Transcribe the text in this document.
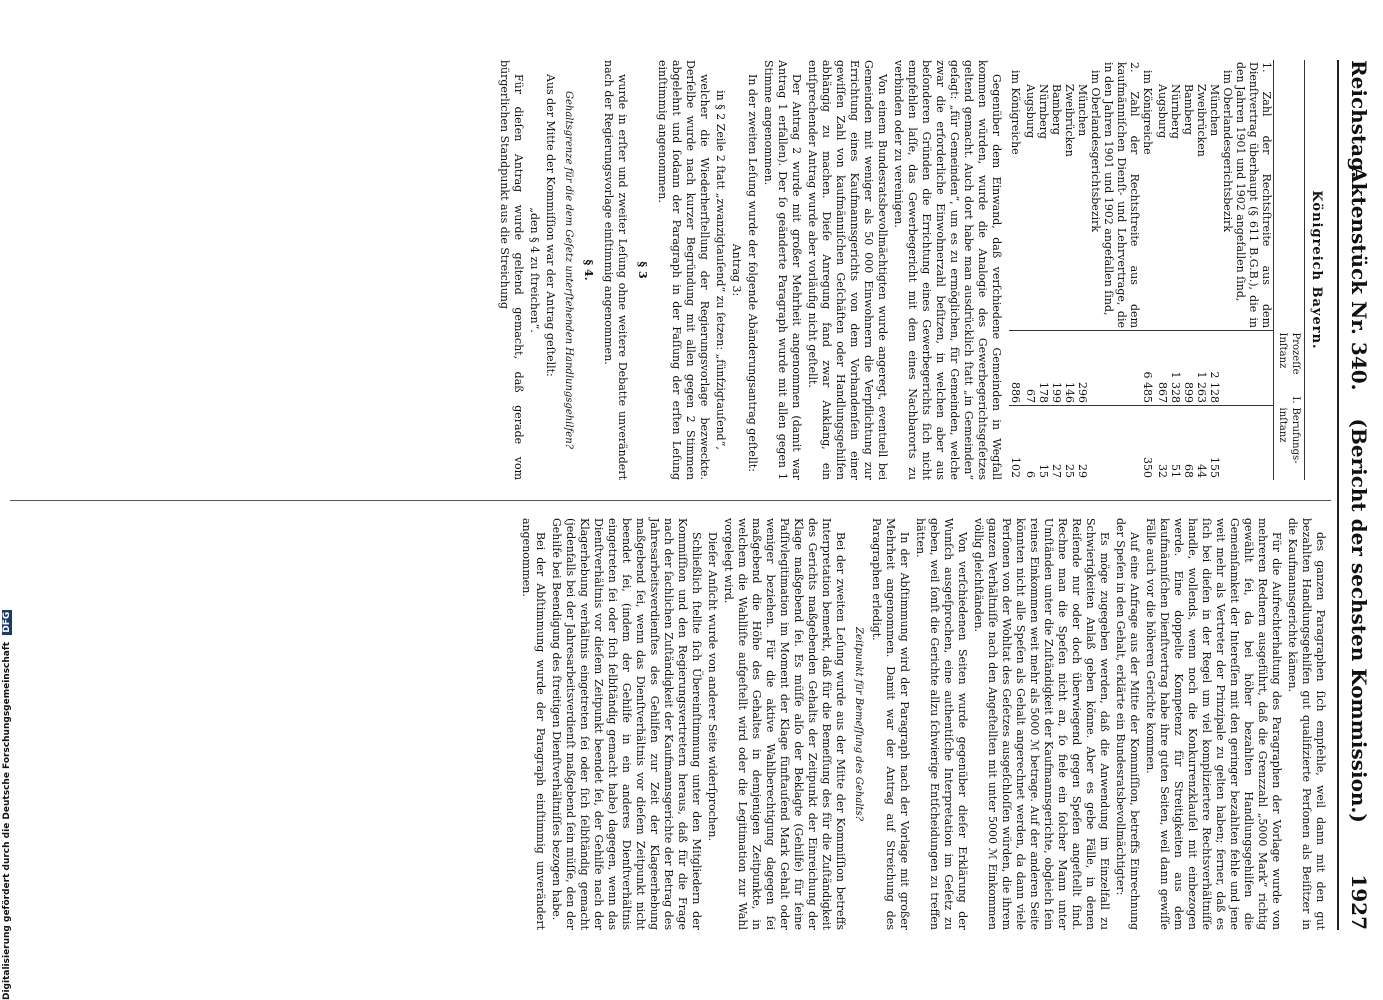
Reichstag.
Aktenstück Nr. 340.    (Bericht der sechsten Kommission.)
1927
Königreich Bayern.
	Prozeſſe I. Inſtanz	Berufungs-inſtanz
1. Zahl der Rechtsſtreite aus dem Dienſtvertrag überhaupt (§ 611 B.G.B.), die in den Jahren 1901 und 1902 angefallen ſind,		
im Oberlandesgerichtsbezirk		
München	2 128	155
Zweibrücken	1 263	44
Bamberg	899	68
Nürnberg	1 328	51
Augsburg	867	32
im Königreiche	6 485	350
2. Zahl der Rechtsſtreite aus dem kaufmänniſchen Dienſt- und Lehrvertrage, die in den Jahren 1901 und 1902 angefallen ſind,		
im Oberlandesgerichtsbezirk		
München	296	29
Zweibrücken	146	25
Bamberg	199	27
Nürnberg	178	15
Augsburg	67	6
im Königreiche	886	102

Gegenüber dem Einwand, daß verſchiedene Gemeinden in Wegfall kommen würden, wurde die Analogie des Gewerbegerichtsgeſetzes geltend gemacht. Auch dort habe man ausdrücklich ſtatt „in Gemeinden“ geſagt: „für Gemeinden“, um es zu ermöglichen, für Gemeinden, welche zwar die erforderliche Einwohnerzahl beſitzen, in welchen aber aus beſonderen Gründen die Errichtung eines Gewerbegerichts ſich nicht empfehlen laſſe, das Gewerbegericht mit dem eines Nachbarorts zu verbinden oder zu vereinigen.

Von einem Bundesratsbevollmächtigten wurde angeregt, eventuell bei Gemeinden mit weniger als 50 000 Einwohnern die Verpflichtung zur Errichtung eines Kaufmannsgerichts von dem Vorhandenſein einer gewiſſen Zahl von kaufmänniſchen Geſchäften oder Handlungsgehilfen abhängig zu machen. Dieſe Anregung fand zwar Anklang, ein entſprechender Antrag wurde aber vorläufig nicht geſtellt.

Der Antrag 2 wurde mit großer Mehrheit angenommen (damit war Antrag 1 erfallen). Der ſo geänderte Paragraph wurde mit allen gegen 1 Stimme angenommen.

In der zweiten Leſung wurde der folgende Abänderungsantrag geſtellt:

Antrag 3:
in § 2 Zeile 2 ſtatt „zwanzigtauſend“ zu ſetzen: „fünfzigtauſend“,

welcher die Wiederherſtellung der Regierungsvorlage bezweckte. Derſelbe wurde nach kurzer Begründung mit allen gegen 2 Stimmen abgelehnt und ſodann der Paragraph in der Faſſung der erſten Leſung einſtimmig angenommen.

§ 3

wurde in erſter und zweiter Leſung ohne weitere Debatte unverändert nach der Regierungsvorlage einſtimmig angenommen.

§ 4.
Gehaltsgrenze für die dem Geſetz unterſtehenden Handlungsgehilfen?

Aus der Mitte der Kommiſſion war der Antrag geſtellt:

„den § 4 zu ſtreichen“.

Für dieſen Antrag wurde geltend gemacht, daß gerade vom bürgerlichen Standpunkt aus die Streichung

des ganzen Paragraphen ſich empfehle, weil dann mit den gut bezahlten Handlungsgehilfen gut qualifizierte Perſonen als Beiſitzer in die Kaufmannsgerichte kämen.

Für die Aufrechterhaltung des Paragraphen der Vorlage wurde von mehreren Rednern ausgeführt, daß die Grenzzahl „5000 Mark“ richtig gewählt ſei, da bei höher bezahlten Handlungsgehilfen die Gemeinſamkeit der Intereſſen mit den geringer bezahlten fehle und jene weit mehr als Vertreter der Prinzipale zu gelten haben; ferner, daß es ſich bei dieſen in der Regel um viel kompliziertere Rechtsverhältniſſe handle, wollends, wenn noch die Konkurrenzklauſel mit einbezogen werde. Eine doppelte Kompetenz für Streitigkeiten aus dem kaufmänniſchen Dienſtvertrag habe ihre guten Seiten, weil dann gewiſſe Fälle auch vor die höheren Gerichte kommen.

Auf eine Anfrage aus der Mitte der Kommiſſion, betreffs Einrechnung der Speſen in den Gehalt, erklärte ein Bundesratsbevollmächtigter:

Es möge zugegeben werden, daß die Anwendung im Einzelfall zu Schwierigkeiten Anlaß geben könne. Aber es gebe Fälle, in denen Reiſende nur oder doch überwiegend gegen Speſen angeſtellt ſind. Rechne man die Speſen nicht an, ſo fiele ein ſolcher Mann unter Umſtänden unter die Zuſtändigkeit der Kaufmannsgerichte, obgleich ſein reines Einkommen weit mehr als 5000 ℳ betrage. Auf der anderen Seite könnten nicht alle Speſen als Gehalt angerechnet werden, da dann viele Perſonen von der Wohltat des Geſetzes ausgeſchloſſen würden, die ihrem ganzen Verhältniſſe nach den Angeſtellten mit unter 5000 ℳ Einkommen völlig gleichſtänden.

Von verſchiedenen Seiten wurde gegenüber dieſer Erklärung der Wunſch ausgeſprochen, eine authentiſche Interpretation im Geſetz zu geben, weil ſonſt die Gerichte allzu ſchwierige Entſcheidungen zu treffen hätten.

In der Abſtimmung wird der Paragraph nach der Vorlage mit großer Mehrheit angenommen. Damit war der Antrag auf Streichung des Paragraphen erledigt.

Zeitpunkt für Bemeſſung des Gehalts?

Bei der zweiten Leſung wurde aus der Mitte der Kommiſſion betreffs Interpretation bemerkt, daß für die Bemeſſung des für die Zuſtändigkeit des Gerichts maßgebenden Gehalts der Zeitpunkt der Einreichung der Klage maßgebend ſei. Es müſſe alſo der Beklagte (Gehilfe) für ſeine Paſſivlegitimation im Moment der Klage fünftauſend Mark Gehalt oder weniger beziehen. Für die aktive Wahlberechtigung dagegen ſei maßgebend die Höhe des Gehaltes in demjenigen Zeitpunkte, in welchem die Wahlliſte aufgeſtellt wird oder die Legitimation zur Wahl vorgelegt wird.

Dieſer Anſicht wurde von anderer Seite widerſprochen.

Schließlich ſtellte ſich Übereinſtimmung unter den Mitgliedern der Kommiſſion und den Regierungsvertretern heraus, daß für die Frage nach der ſachlichen Zuſtändigkeit der Kaufmannsgerichte der Betrag des Jahresarbeitsverdienſtes des Gehilfen zur Zeit der Klageerhebung maßgebend ſei, wenn das Dienſtverhältnis vor dieſem Zeitpunkt nicht beendet ſei, (indem der Gehilfe in ein anderes Dienſtverhältnis eingetreten ſei oder ſich ſelbſtändig gemacht habe) dagegen, wenn das Dienſtverhältnis vor dieſem Zeitpunkt beendet ſei, der Gehilfe nach der Klagerhebung verhältnis eingetreten ſei oder ſich ſelbſtändig gemacht (jedenfalls bei der Jahresarbeitsverdienſt maßgebend ſein müſſe, den der Gehilfe bei Beendigung des ſtreitigen Dienſtverhältniſſes bezogen habe.

Bei der Abſtimmung wurde der Paragraph einſtimmig unverändert angenommen.

Digitalisierung gefördert durch die Deutsche Forschungsgemeinschaft DFG
